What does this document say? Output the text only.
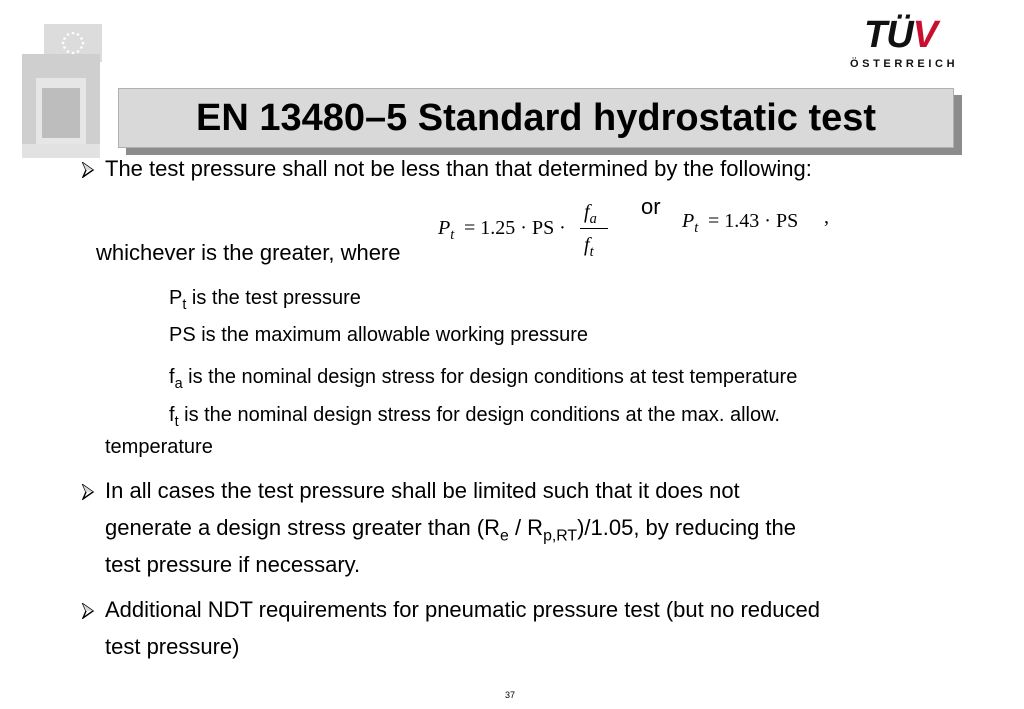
TÜV
ÖSTERREICH
EN 13480–5 Standard hydrostatic test
The test pressure shall not be less than that determined by the following:
$P_t = 1.25$ · PS ·
$f_a$
$f_t$
or
$P_t = 1.43$ · PS ,
whichever is the greater, where
$P_t$ is the test pressure
PS is the maximum allowable working pressure
$f_a$ is the nominal design stress for design conditions at test temperature
$f_t$ is the nominal design stress for design conditions at the max. allow.
temperature
In all cases the test pressure shall be limited such that it does not
generate a design stress greater than $(R_e / R_{p,RT})/1.05$, by reducing the
test pressure if necessary.
Additional NDT requirements for pneumatic pressure test (but no reduced
test pressure)
37
